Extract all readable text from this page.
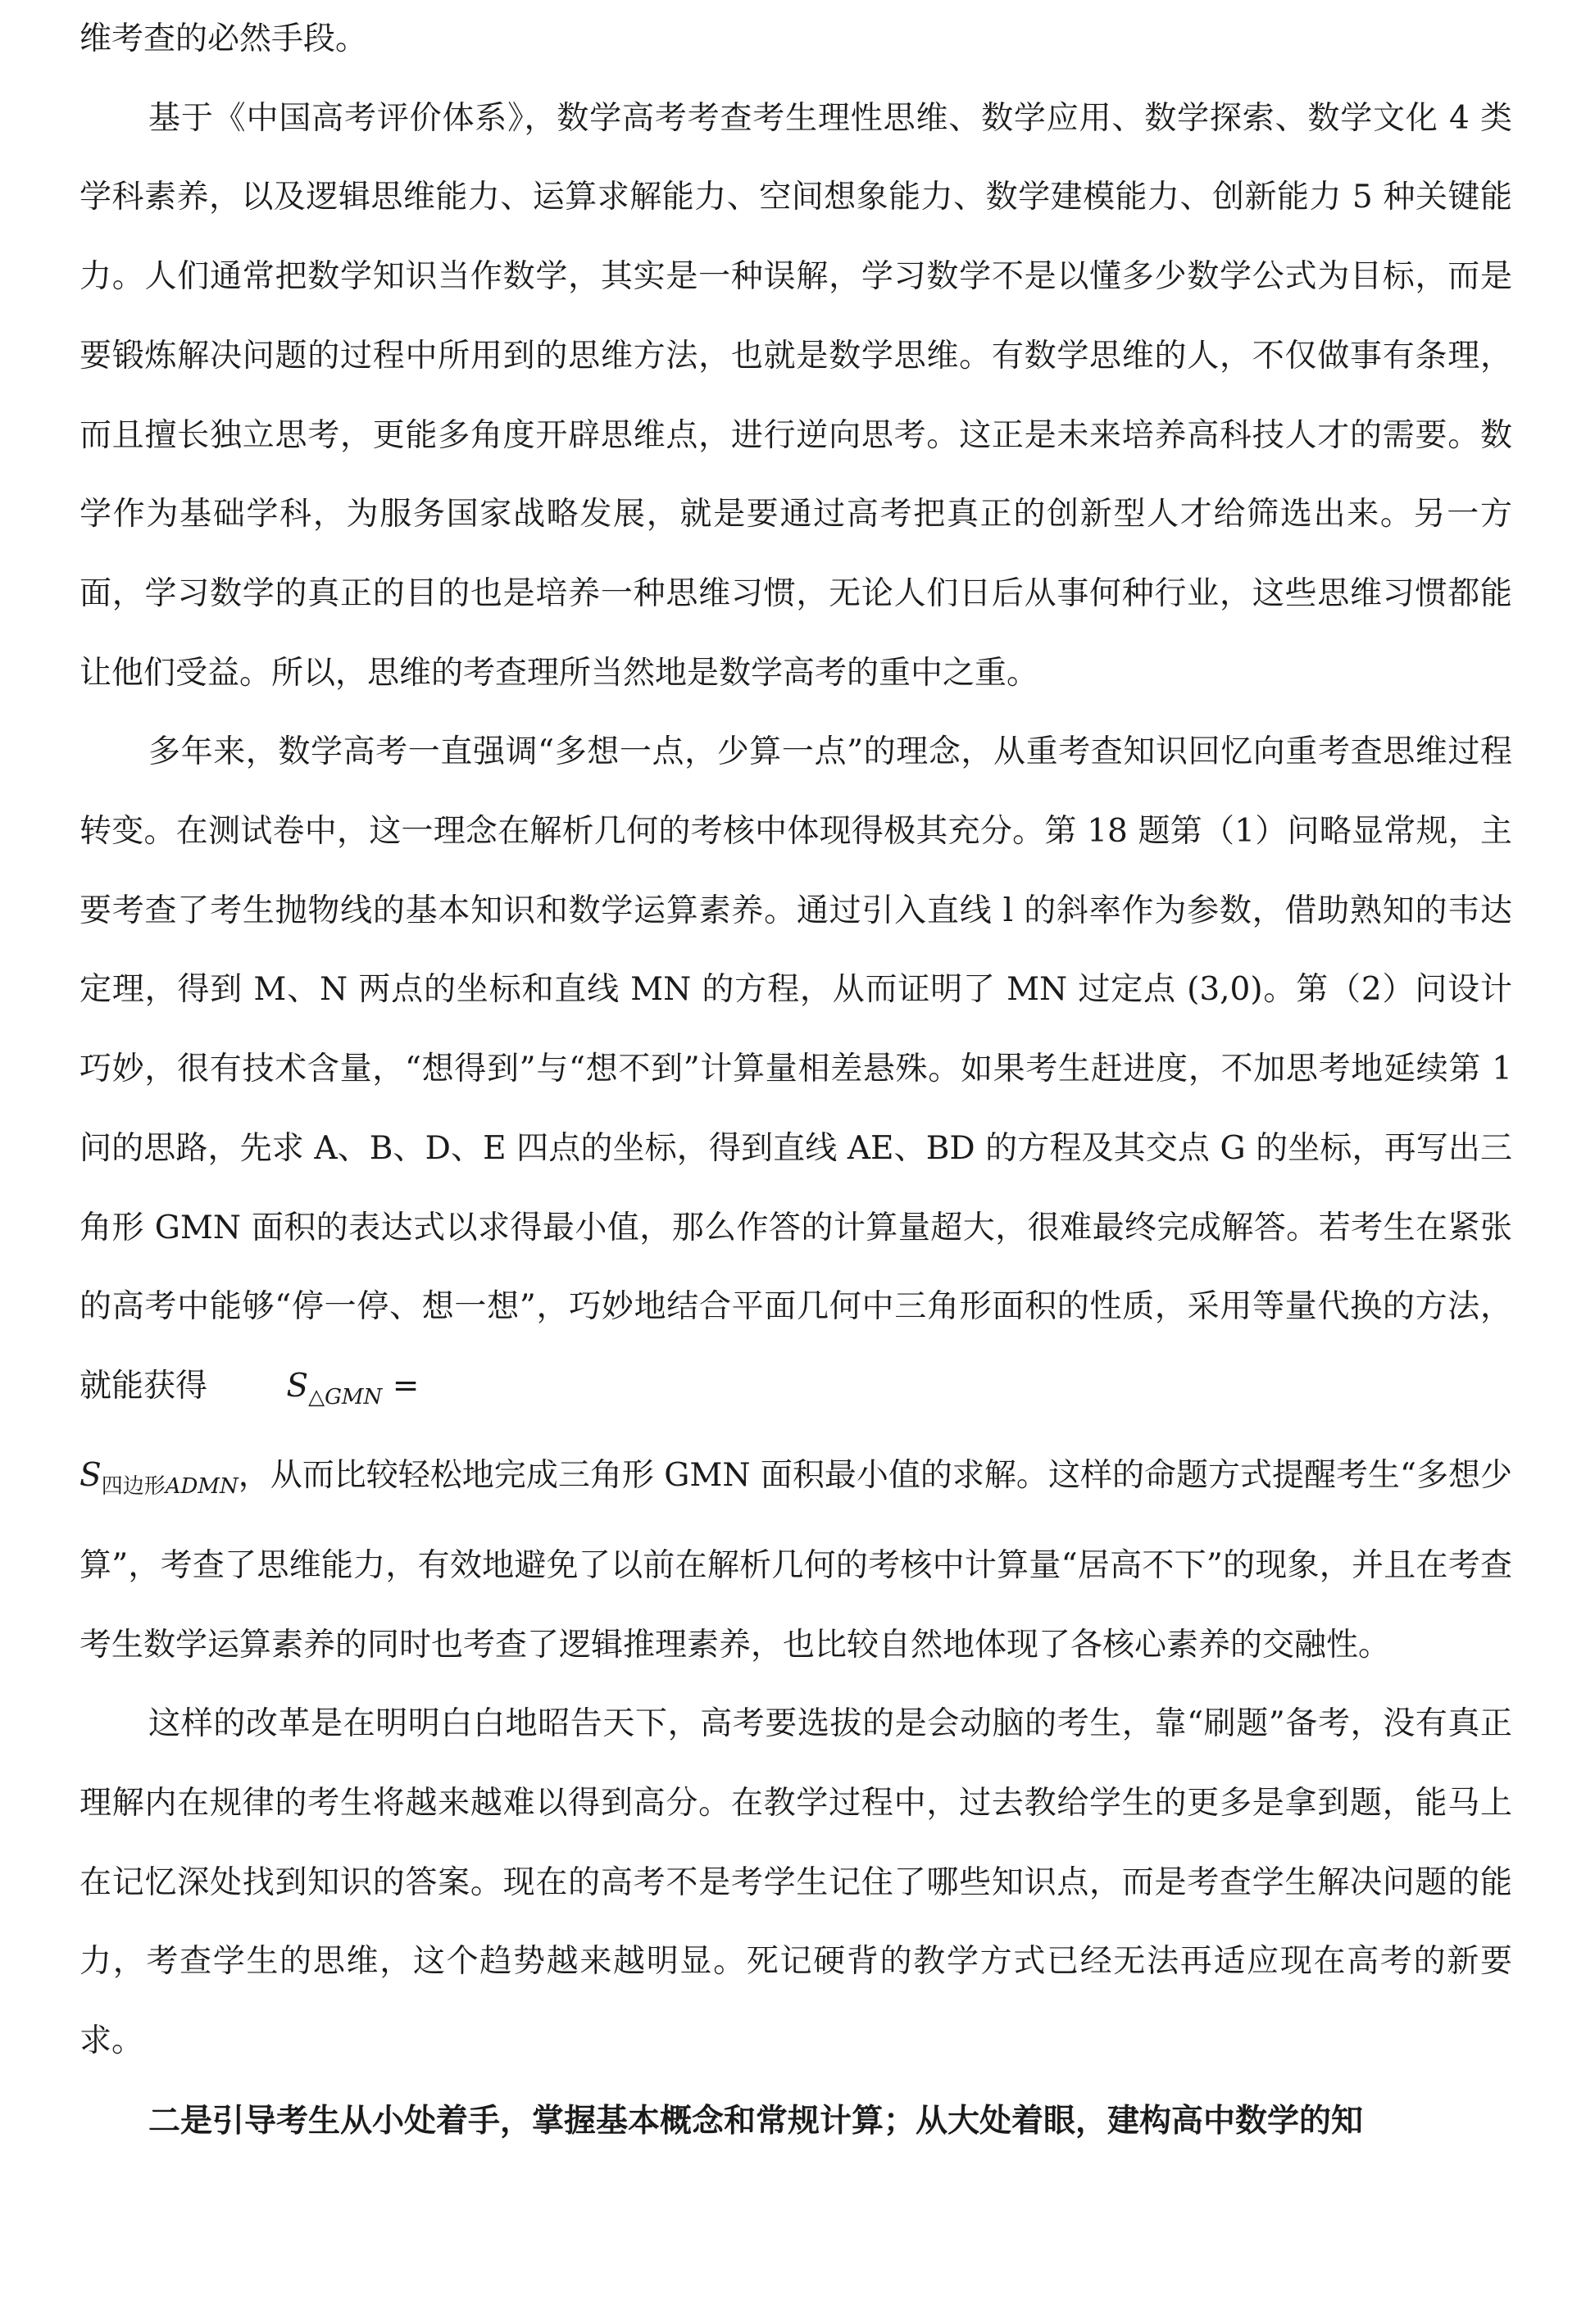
维考查的必然手段。

基于《中国高考评价体系》，数学高考考查考生理性思维、数学应用、数学探索、数学文化 4 类学科素养，以及逻辑思维能力、运算求解能力、空间想象能力、数学建模能力、创新能力 5 种关键能力。人们通常把数学知识当作数学，其实是一种误解，学习数学不是以懂多少数学公式为目标，而是要锻炼解决问题的过程中所用到的思维方法，也就是数学思维。有数学思维的人，不仅做事有条理，而且擅长独立思考，更能多角度开辟思维点，进行逆向思考。这正是未来培养高科技人才的需要。数学作为基础学科，为服务国家战略发展，就是要通过高考把真正的创新型人才给筛选出来。另一方面，学习数学的真正的目的也是培养一种思维习惯，无论人们日后从事何种行业，这些思维习惯都能让他们受益。所以，思维的考查理所当然地是数学高考的重中之重。

多年来，数学高考一直强调“多想一点，少算一点”的理念，从重考查知识回忆向重考查思维过程转变。在测试卷中，这一理念在解析几何的考核中体现得极其充分。第 18 题第（1）问略显常规，主要考查了考生抛物线的基本知识和数学运算素养。通过引入直线 l 的斜率作为参数，借助熟知的韦达定理，得到 M、N 两点的坐标和直线 MN 的方程，从而证明了 MN 过定点 (3,0)。第（2）问设计巧妙，很有技术含量，“想得到”与“想不到”计算量相差悬殊。如果考生赶进度，不加思考地延续第 1 问的思路，先求 A、B、D、E 四点的坐标，得到直线 AE、BD 的方程及其交点 G 的坐标，再写出三角形 GMN 面积的表达式以求得最小值，那么作答的计算量超大，很难最终完成解答。若考生在紧张的高考中能够“停一停、想一想”，巧妙地结合平面几何中三角形面积的性质，采用等量代换的方法，就能获得 $S_{\triangle GMN}$ =

$S_{四边形ADMN}$，从而比较轻松地完成三角形 GMN 面积最小值的求解。这样的命题方式提醒考生“多想少算”，考查了思维能力，有效地避免了以前在解析几何的考核中计算量“居高不下”的现象，并且在考查考生数学运算素养的同时也考查了逻辑推理素养，也比较自然地体现了各核心素养的交融性。

这样的改革是在明明白白地昭告天下，高考要选拔的是会动脑的考生，靠“刷题”备考，没有真正理解内在规律的考生将越来越难以得到高分。在教学过程中，过去教给学生的更多是拿到题，能马上在记忆深处找到知识的答案。现在的高考不是考学生记住了哪些知识点，而是考查学生解决问题的能力，考查学生的思维，这个趋势越来越明显。死记硬背的教学方式已经无法再适应现在高考的新要求。

二是引导考生从小处着手，掌握基本概念和常规计算；从大处着眼，建构高中数学的知
